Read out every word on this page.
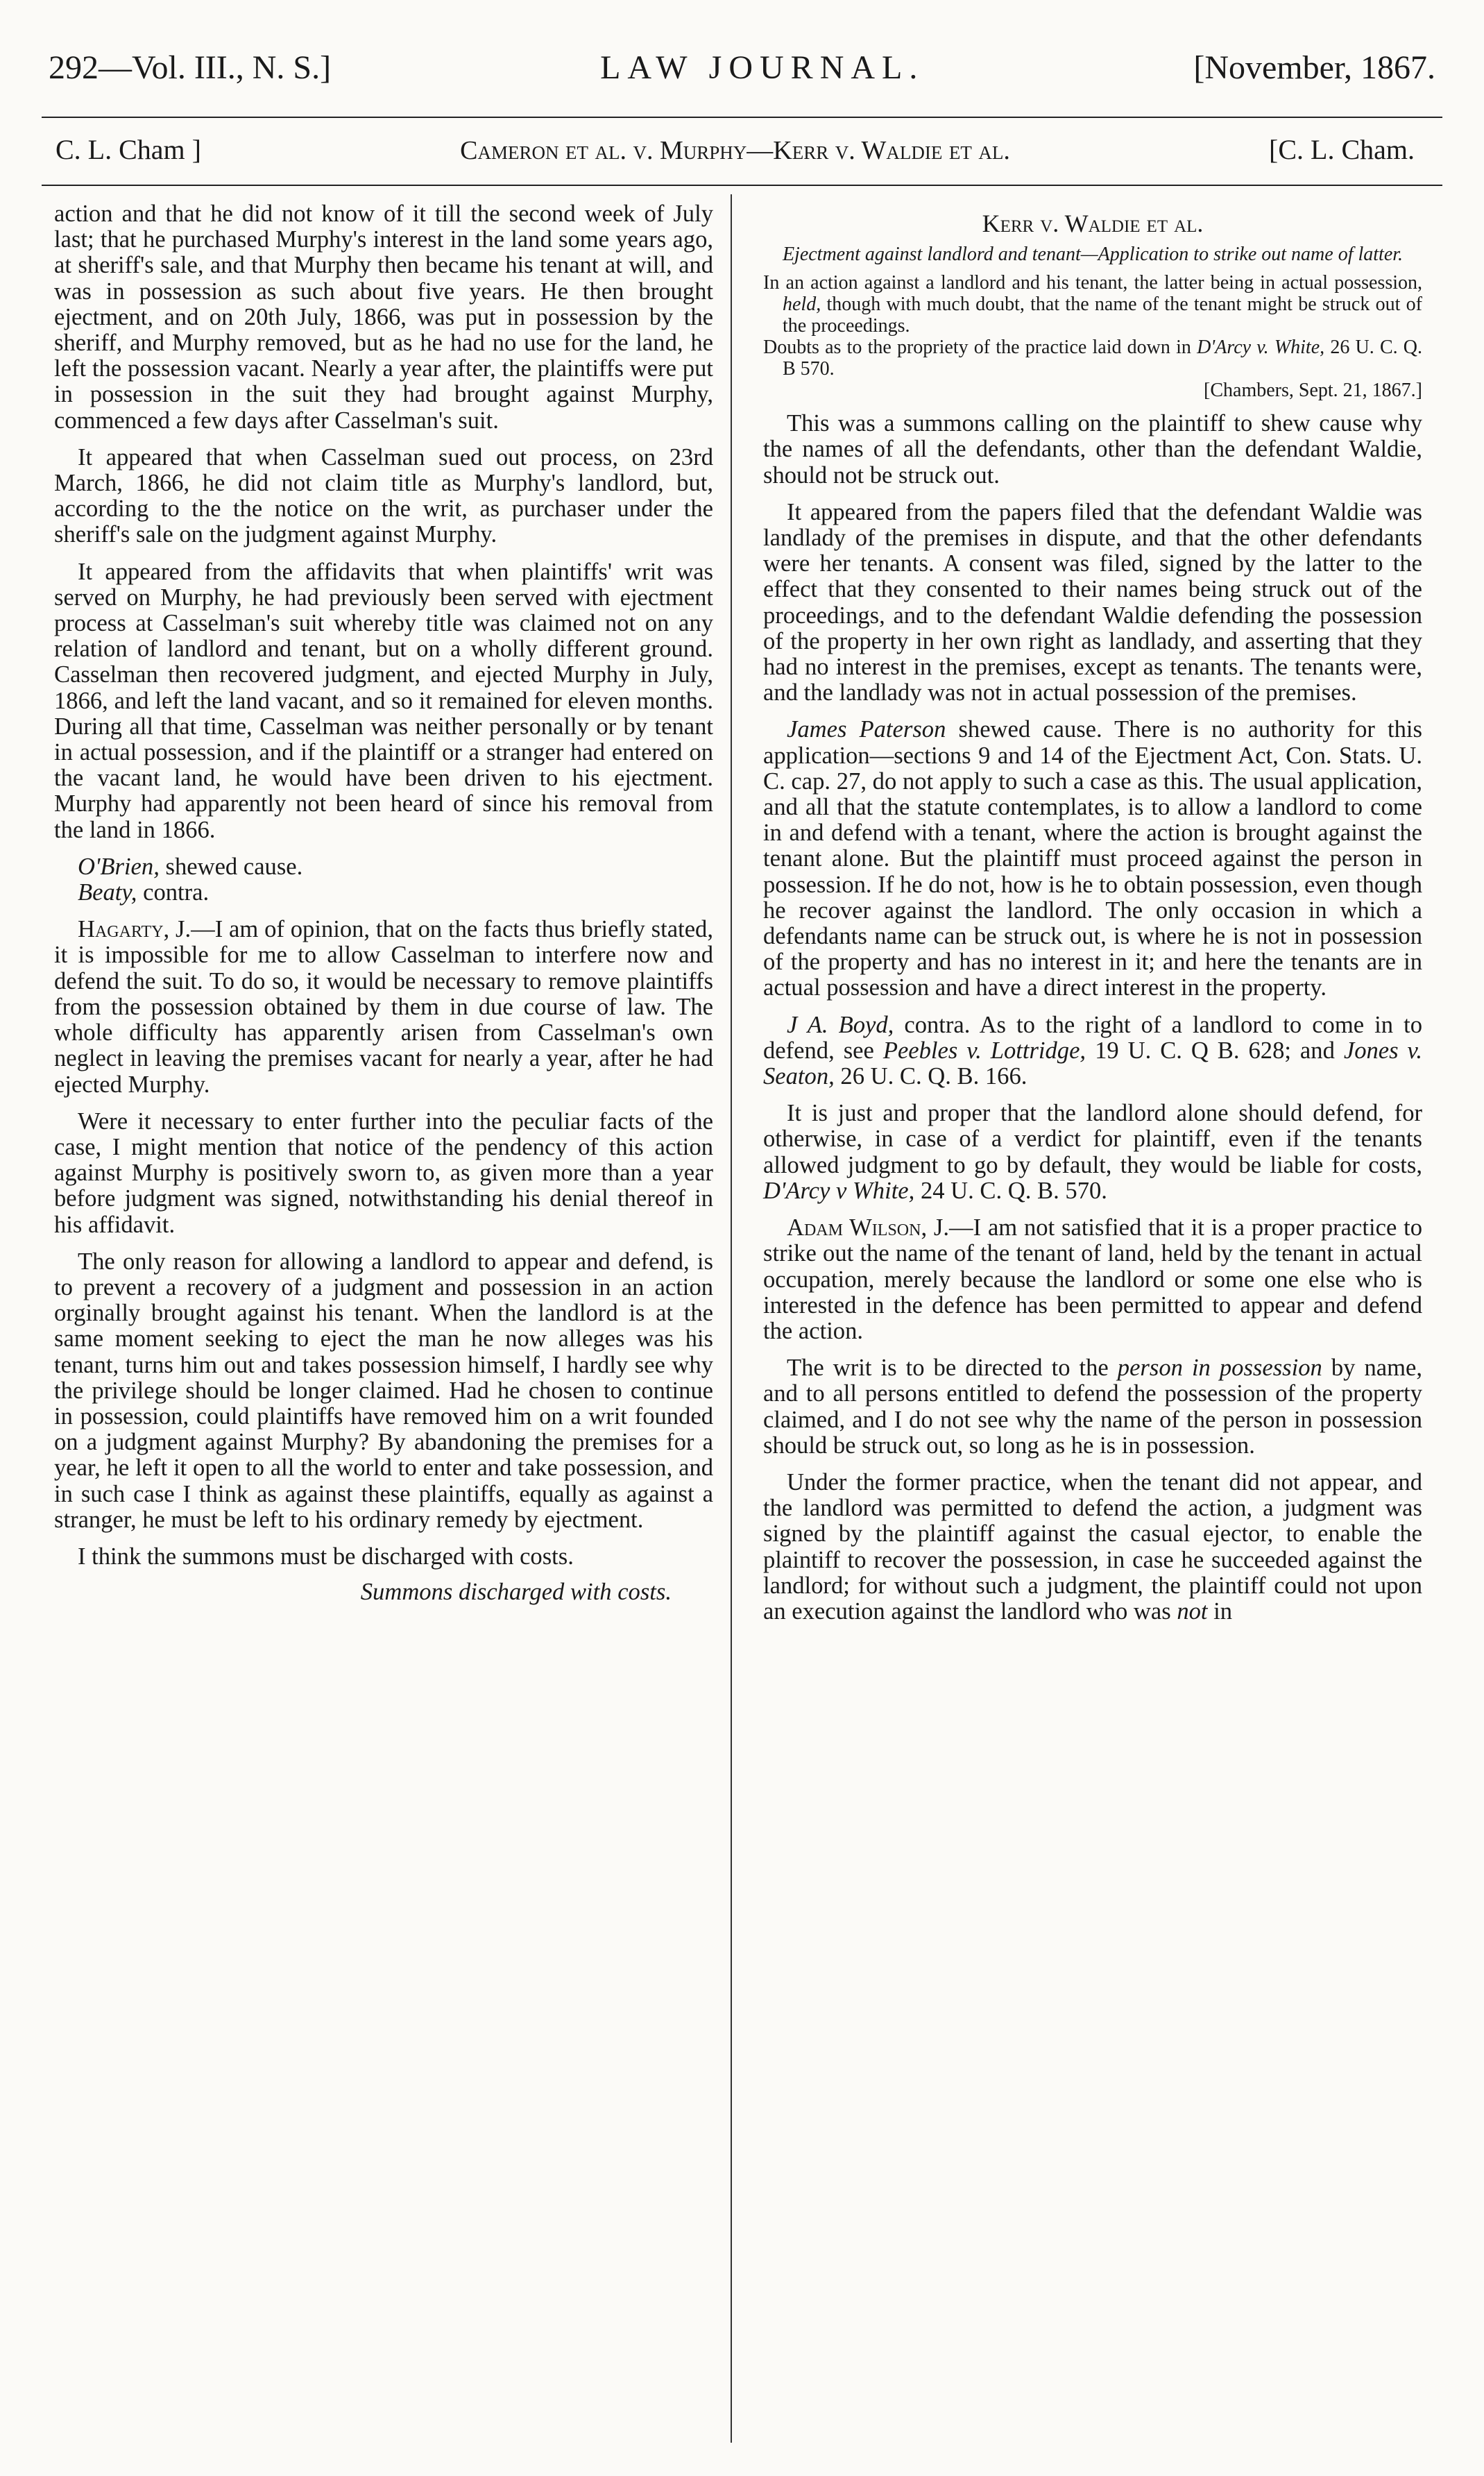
292—Vol. III., N. S.]	LAW JOURNAL.	[November, 1867.
C. L. Cham ]	Cameron et al. v. Murphy—Kerr v. Waldie et al.	[C. L. Cham.

action and that he did not know of it till the second week of July last; that he purchased Murphy's interest in the land some years ago, at sheriff's sale, and that Murphy then became his tenant at will, and was in possession as such about five years. He then brought ejectment, and on 20th July, 1866, was put in possession by the sheriff, and Murphy removed, but as he had no use for the land, he left the possession vacant. Nearly a year after, the plaintiffs were put in possession in the suit they had brought against Murphy, commenced a few days after Casselman's suit.

It appeared that when Casselman sued out process, on 23rd March, 1866, he did not claim title as Murphy's landlord, but, according to the the notice on the writ, as purchaser under the sheriff's sale on the judgment against Murphy.

It appeared from the affidavits that when plaintiffs' writ was served on Murphy, he had previously been served with ejectment process at Casselman's suit whereby title was claimed not on any relation of landlord and tenant, but on a wholly different ground. Casselman then recovered judgment, and ejected Murphy in July, 1866, and left the land vacant, and so it remained for eleven months. During all that time, Casselman was neither personally or by tenant in actual possession, and if the plaintiff or a stranger had entered on the vacant land, he would have been driven to his ejectment. Murphy had apparently not been heard of since his removal from the land in 1866.

O'Brien, shewed cause.

Beaty, contra.

Hagarty, J.—I am of opinion, that on the facts thus briefly stated, it is impossible for me to allow Casselman to interfere now and defend the suit. To do so, it would be necessary to remove plaintiffs from the possession obtained by them in due course of law. The whole difficulty has apparently arisen from Casselman's own neglect in leaving the premises vacant for nearly a year, after he had ejected Murphy.

Were it necessary to enter further into the peculiar facts of the case, I might mention that notice of the pendency of this action against Murphy is positively sworn to, as given more than a year before judgment was signed, notwithstanding his denial thereof in his affidavit.

The only reason for allowing a landlord to appear and defend, is to prevent a recovery of a judgment and possession in an action orginally brought against his tenant. When the landlord is at the same moment seeking to eject the man he now alleges was his tenant, turns him out and takes possession himself, I hardly see why the privilege should be longer claimed. Had he chosen to continue in possession, could plaintiffs have removed him on a writ founded on a judgment against Murphy? By abandoning the premises for a year, he left it open to all the world to enter and take possession, and in such case I think as against these plaintiffs, equally as against a stranger, he must be left to his ordinary remedy by ejectment.

I think the summons must be discharged with costs.

Summons discharged with costs.
Kerr v. Waldie et al.
Ejectment against landlord and tenant—Application to strike out name of latter.
In an action against a landlord and his tenant, the latter being in actual possession, held, though with much doubt, that the name of the tenant might be struck out of the proceedings.
Doubts as to the propriety of the practice laid down in D'Arcy v. White, 26 U. C. Q. B 570.
[Chambers, Sept. 21, 1867.]

This was a summons calling on the plaintiff to shew cause why the names of all the defendants, other than the defendant Waldie, should not be struck out.

It appeared from the papers filed that the defendant Waldie was landlady of the premises in dispute, and that the other defendants were her tenants. A consent was filed, signed by the latter to the effect that they consented to their names being struck out of the proceedings, and to the defendant Waldie defending the possession of the property in her own right as landlady, and asserting that they had no interest in the premises, except as tenants. The tenants were, and the landlady was not in actual possession of the premises.

James Paterson shewed cause. There is no authority for this application—sections 9 and 14 of the Ejectment Act, Con. Stats. U. C. cap. 27, do not apply to such a case as this. The usual application, and all that the statute contemplates, is to allow a landlord to come in and defend with a tenant, where the action is brought against the tenant alone. But the plaintiff must proceed against the person in possession. If he do not, how is he to obtain possession, even though he recover against the landlord. The only occasion in which a defendants name can be struck out, is where he is not in possession of the property and has no interest in it; and here the tenants are in actual possession and have a direct interest in the property.

J A. Boyd, contra. As to the right of a landlord to come in to defend, see Peebles v. Lottridge, 19 U. C. Q B. 628; and Jones v. Seaton, 26 U. C. Q. B. 166.

It is just and proper that the landlord alone should defend, for otherwise, in case of a verdict for plaintiff, even if the tenants allowed judgment to go by default, they would be liable for costs, D'Arcy v White, 24 U. C. Q. B. 570.

Adam Wilson, J.—I am not satisfied that it is a proper practice to strike out the name of the tenant of land, held by the tenant in actual occupation, merely because the landlord or some one else who is interested in the defence has been permitted to appear and defend the action.

The writ is to be directed to the person in possession by name, and to all persons entitled to defend the possession of the property claimed, and I do not see why the name of the person in possession should be struck out, so long as he is in possession.

Under the former practice, when the tenant did not appear, and the landlord was permitted to defend the action, a judgment was signed by the plaintiff against the casual ejector, to enable the plaintiff to recover the possession, in case he succeeded against the landlord; for without such a judgment, the plaintiff could not upon an execution against the landlord who was not in
